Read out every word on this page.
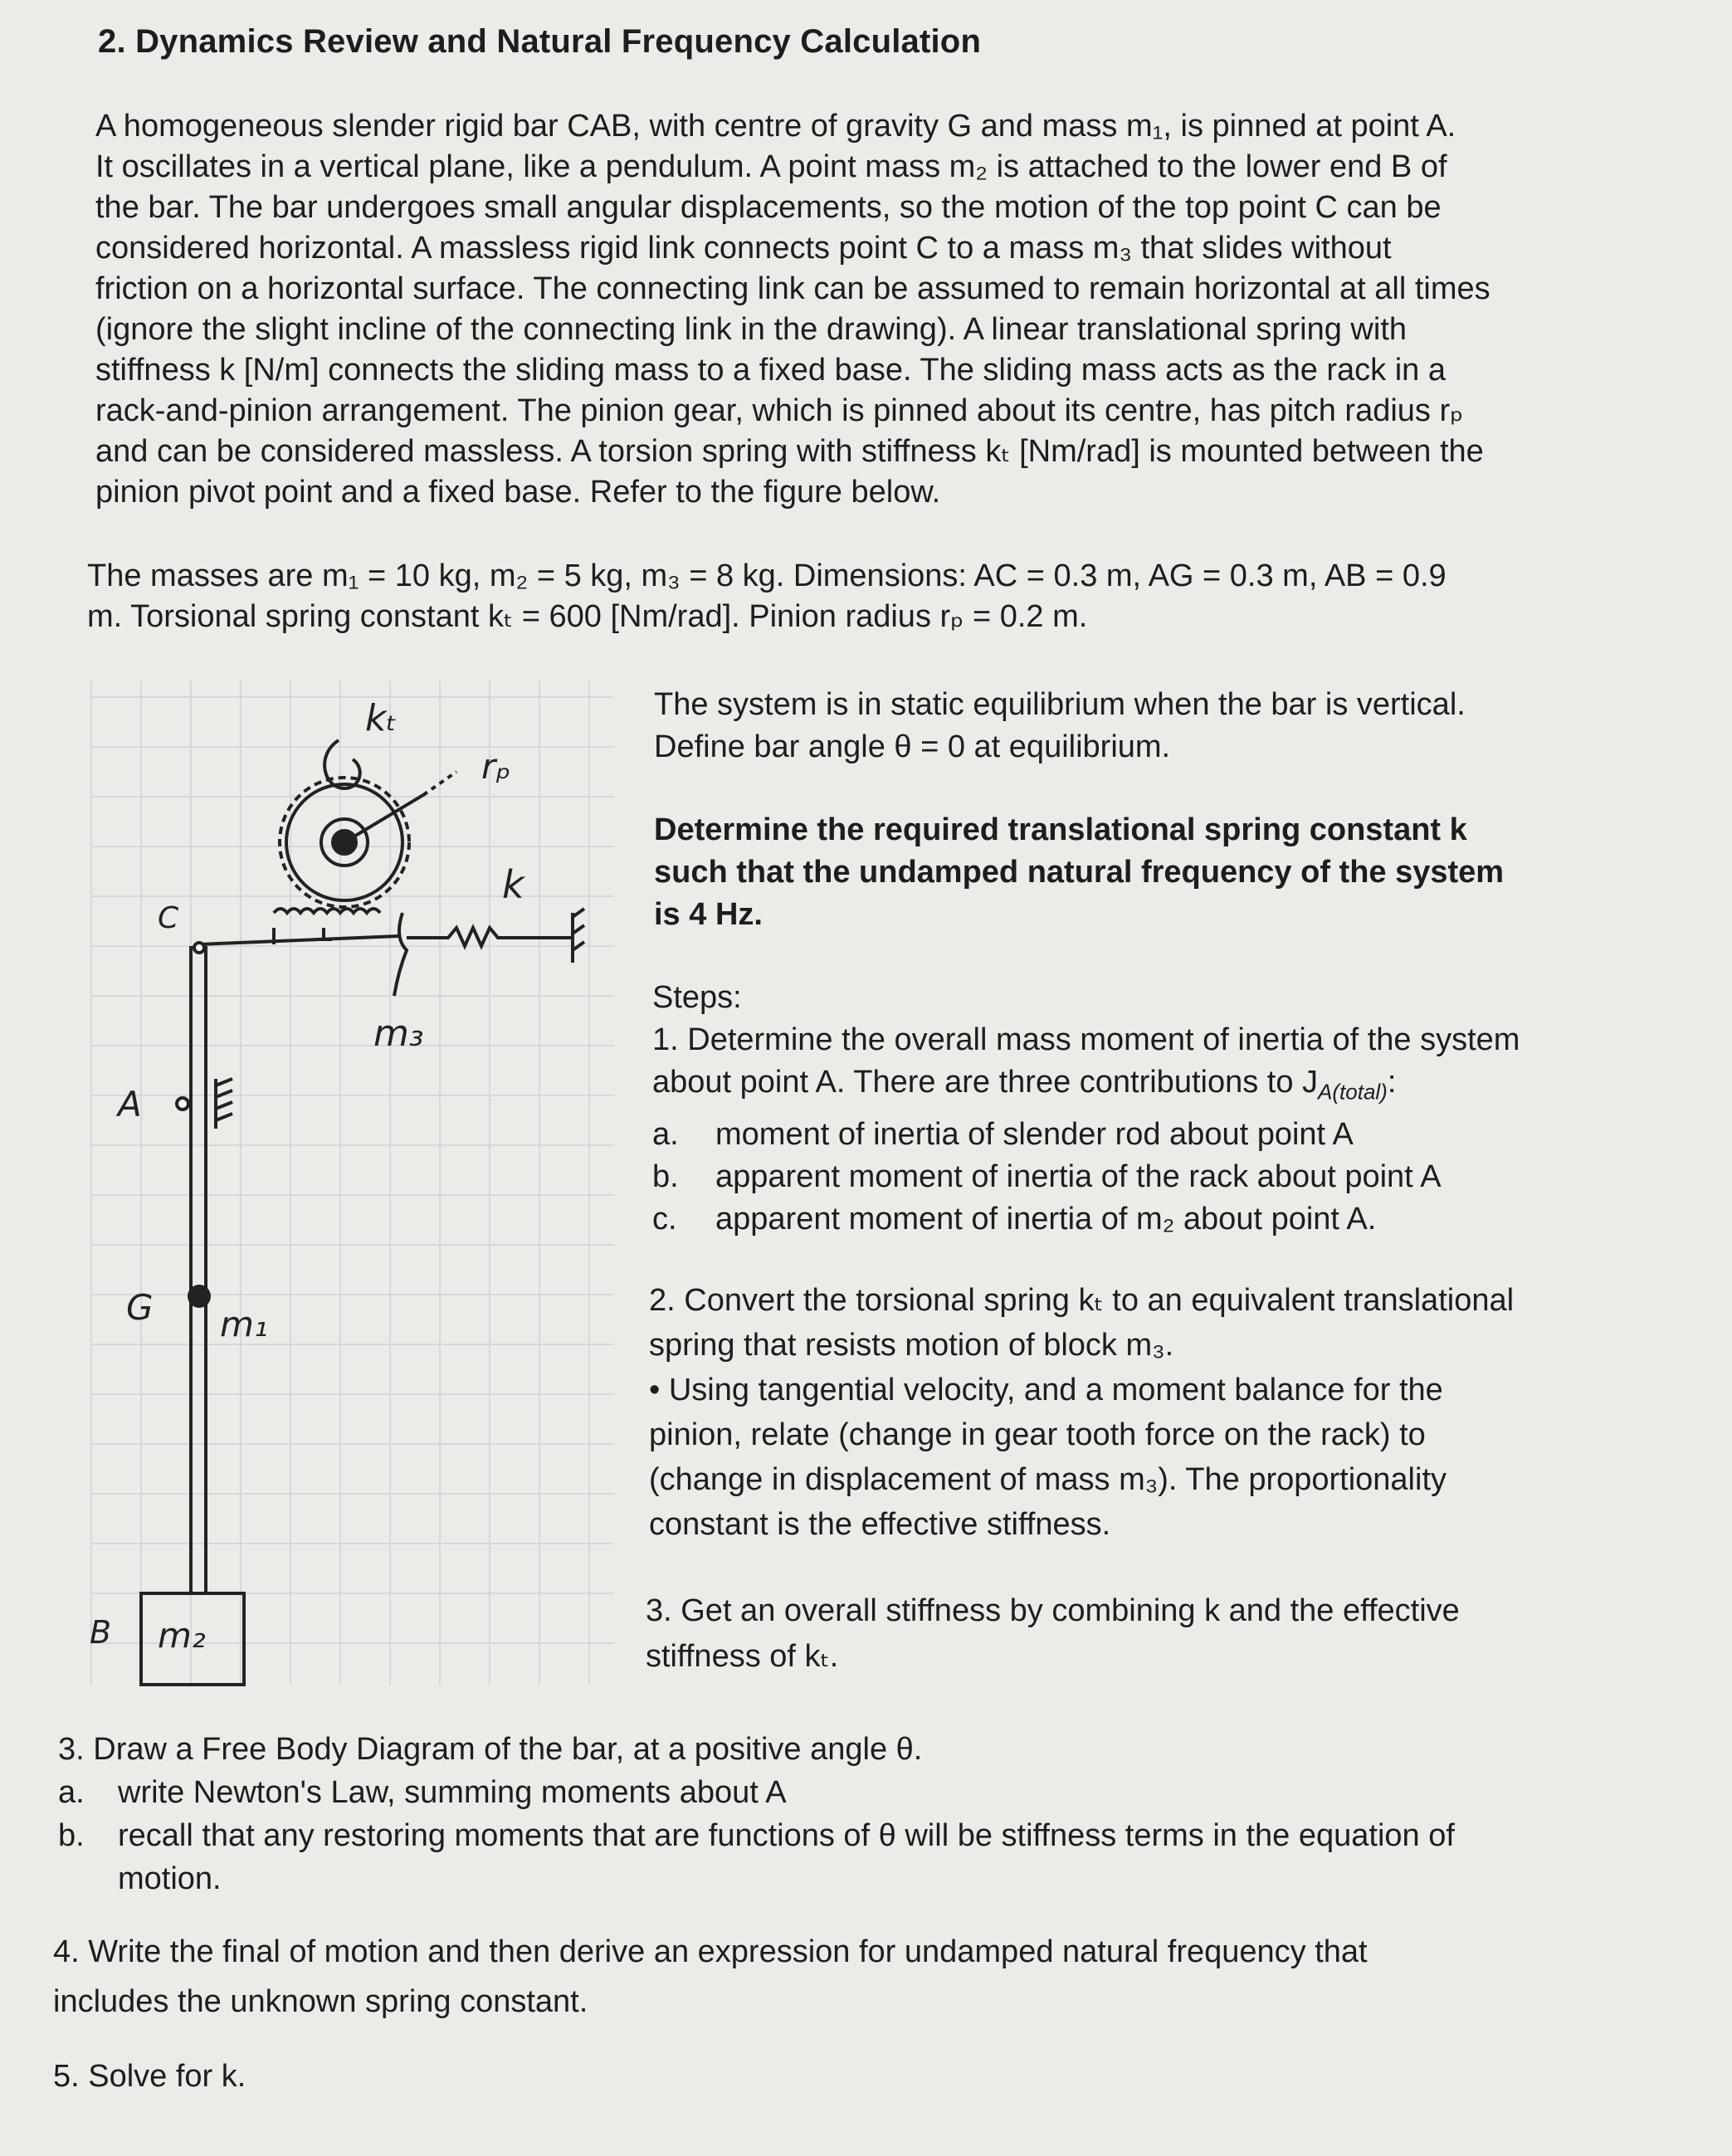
2. Dynamics Review and Natural Frequency Calculation

A homogeneous slender rigid bar CAB, with centre of gravity G and mass m₁, is pinned at point A.

It oscillates in a vertical plane, like a pendulum. A point mass m₂ is attached to the lower end B of

the bar. The bar undergoes small angular displacements, so the motion of the top point C can be

considered horizontal. A massless rigid link connects point C to a mass m₃ that slides without

friction on a horizontal surface. The connecting link can be assumed to remain horizontal at all times

(ignore the slight incline of the connecting link in the drawing). A linear translational spring with

stiffness k [N/m] connects the sliding mass to a fixed base. The sliding mass acts as the rack in a

rack-and-pinion arrangement. The pinion gear, which is pinned about its centre, has pitch radius rₚ

and can be considered massless. A torsion spring with stiffness kₜ [Nm/rad] is mounted between the

pinion pivot point and a fixed base. Refer to the figure below.

The masses are m₁ = 10 kg, m₂ = 5 kg, m₃ = 8 kg. Dimensions: AC = 0.3 m, AG = 0.3 m, AB = 0.9

m. Torsional spring constant kₜ = 600 [Nm/rad]. Pinion radius rₚ = 0.2 m.

kₜ
rₚ
k
C
m₃
A
G m₁
B m₂

The system is in static equilibrium when the bar is vertical.

Define bar angle θ = 0 at equilibrium.

Determine the required translational spring constant k

such that the undamped natural frequency of the system

is 4 Hz.

Steps:

1. Determine the overall mass moment of inertia of the system

about point A. There are three contributions to $J_{A(total)}$:

a.	moment of inertia of slender rod about point A
b.	apparent moment of inertia of the rack about point A
c.	apparent moment of inertia of m₂ about point A.

2. Convert the torsional spring kₜ to an equivalent translational

spring that resists motion of block m₃.

• Using tangential velocity, and a moment balance for the

pinion, relate (change in gear tooth force on the rack) to

(change in displacement of mass m₃). The proportionality

constant is the effective stiffness.

3. Get an overall stiffness by combining k and the effective

stiffness of kₜ.

3. Draw a Free Body Diagram of the bar, at a positive angle θ.

a.	write Newton's Law, summing moments about A
b.	recall that any restoring moments that are functions of θ will be stiffness terms in the equation of

motion.

4. Write the final of motion and then derive an expression for undamped natural frequency that

includes the unknown spring constant.

5. Solve for k.
